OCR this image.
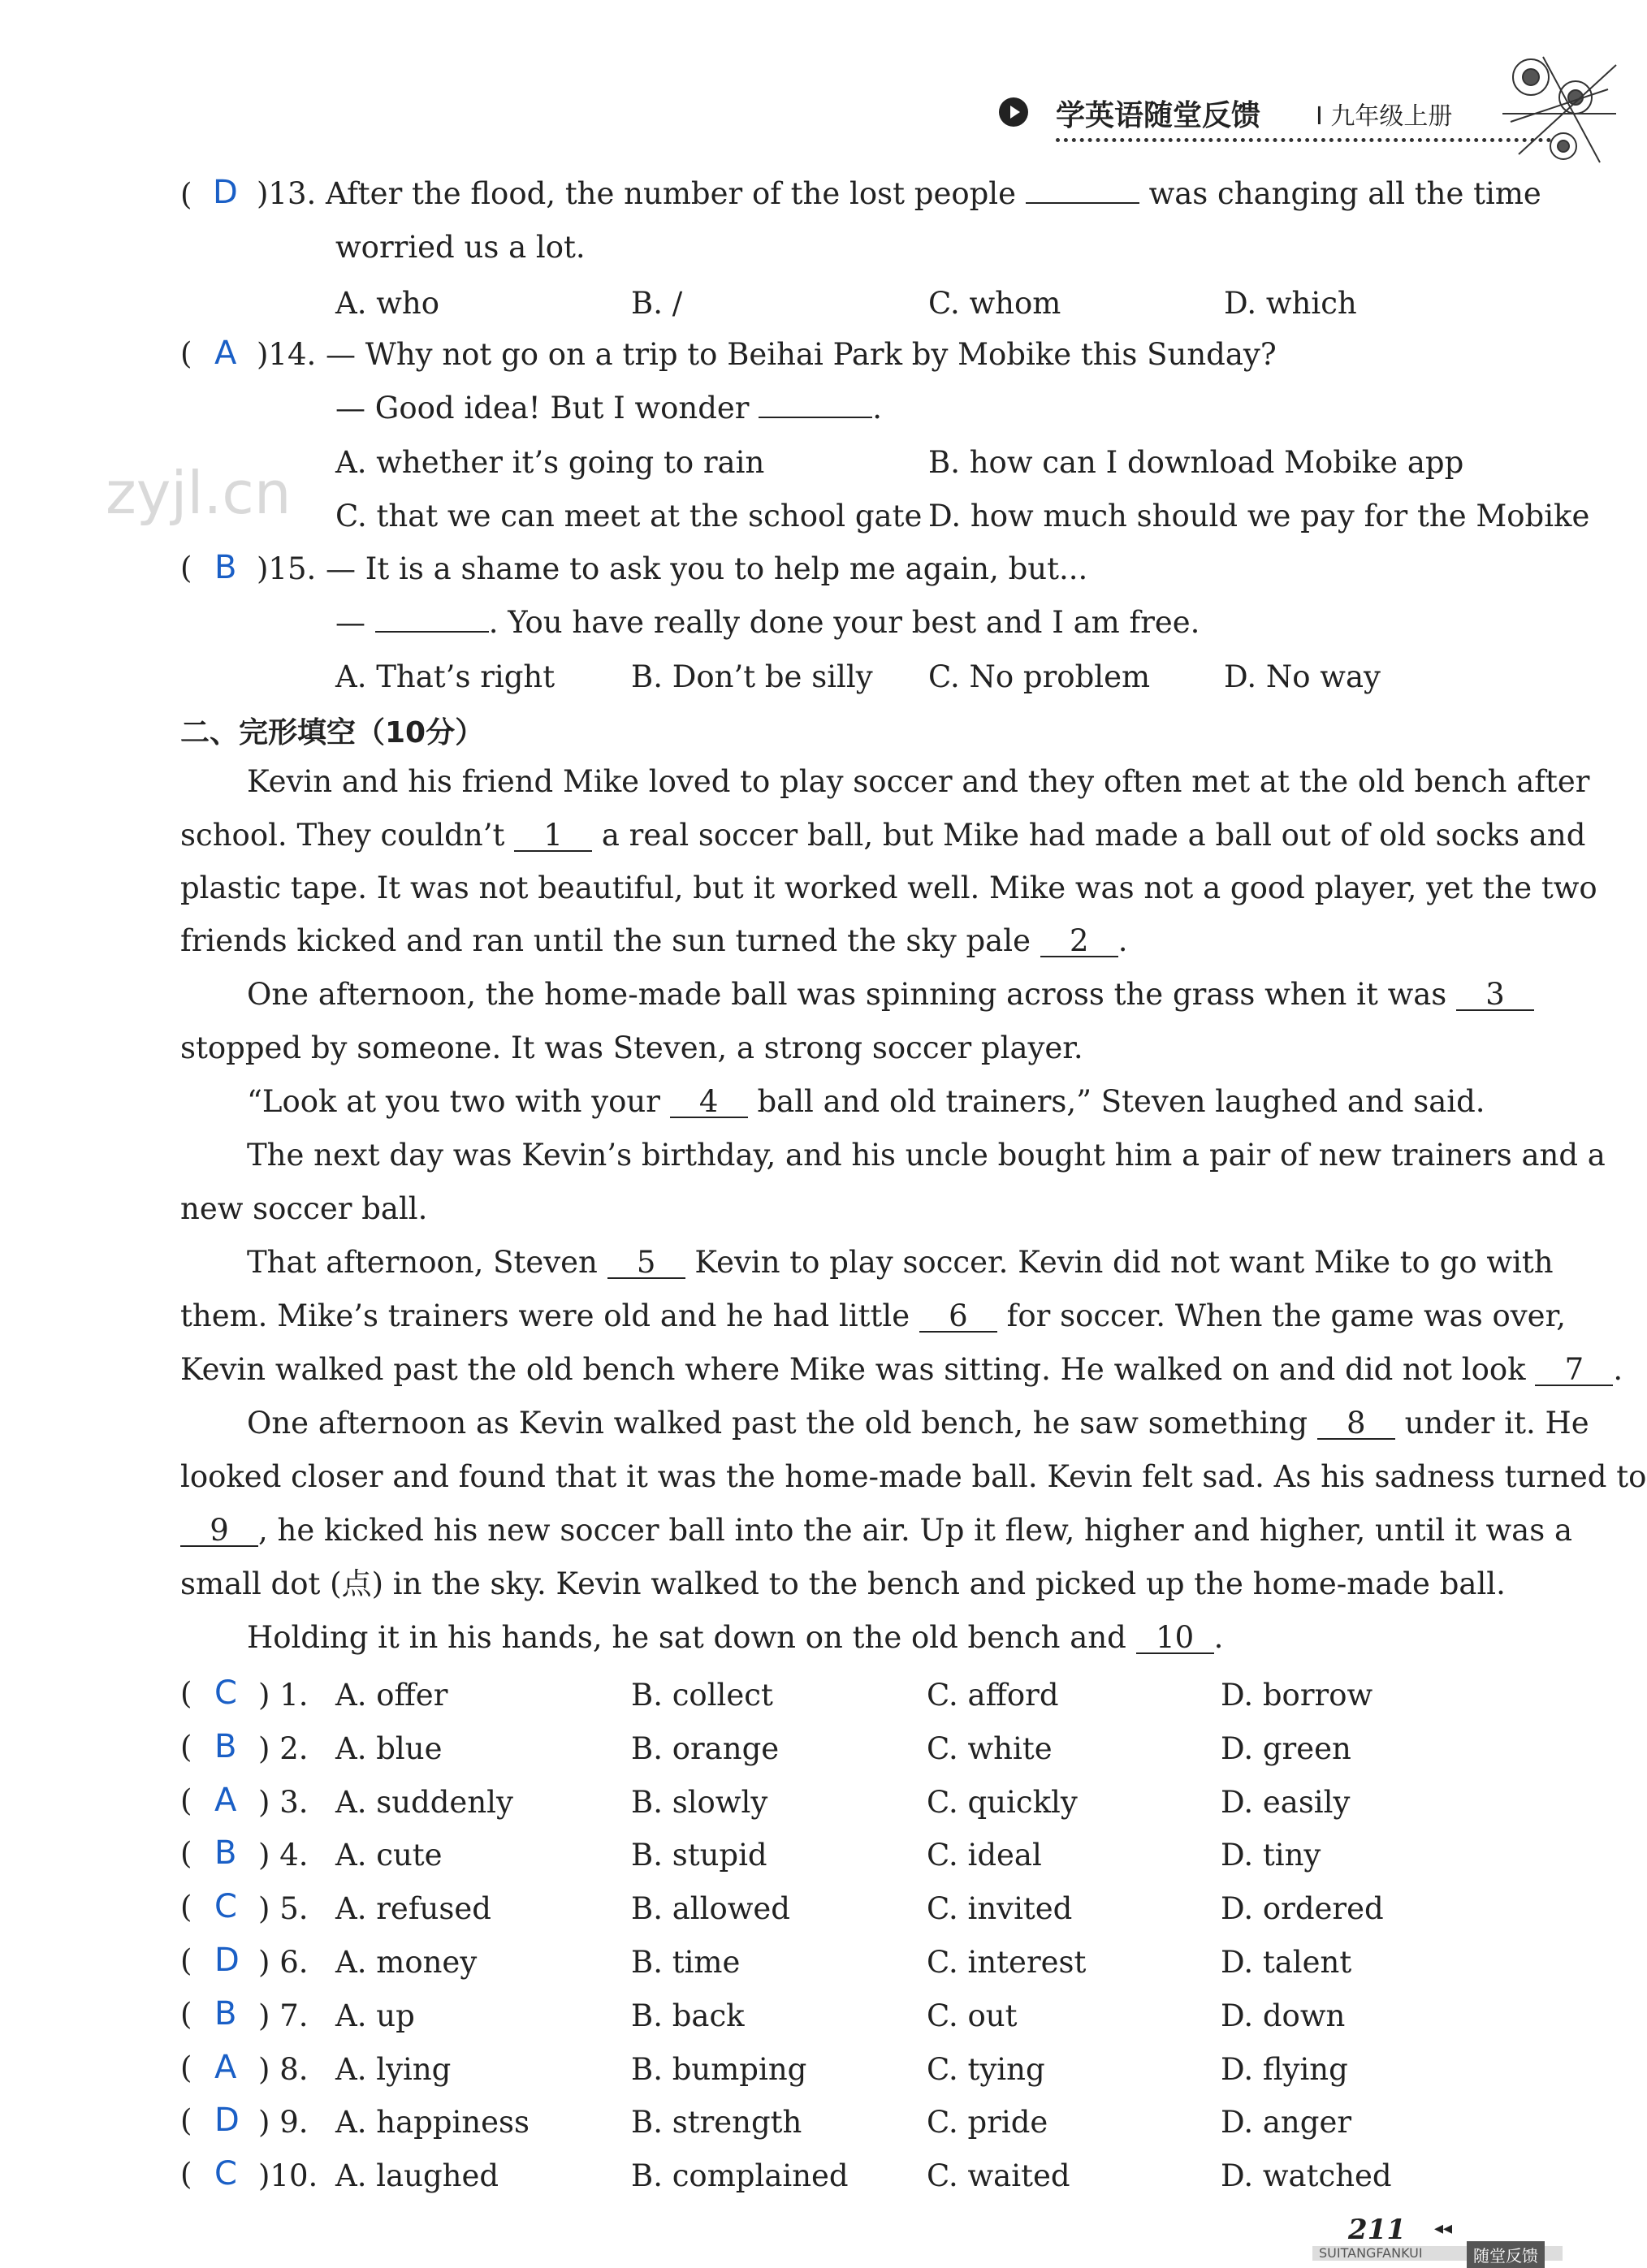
学英语随堂反馈 I 九年级上册
zyjl.cn
( D )13. After the flood, the number of the lost people	was changing all the time
worried us a lot.
A. who	B. /	C. whom	D. which
( A )14. — Why not go on a trip to Beihai Park by Mobike this Sunday?
— Good idea! But I wonder	.
A. whether it’s going to rain	B. how can I download Mobike app
C. that we can meet at the school gate D. how much should we pay for the Mobike
( B )15. — It is a shame to ask you to help me again, but...
—	. You have really done your best and I am free.
A. That’s right	B. Don’t be silly C. No problem D. No way
二、完形填空（10分）
Kevin and his friend Mike loved to play soccer and they often met at the old bench after
school. They couldn’t 1 a real soccer ball, but Mike had made a ball out of old socks and
plastic tape. It was not beautiful, but it worked well. Mike was not a good player, yet the two
friends kicked and ran until the sun turned the sky pale 2 .
One afternoon, the home-made ball was spinning across the grass when it was 3
stopped by someone. It was Steven, a strong soccer player.
“Look at you two with your 4 ball and old trainers,” Steven laughed and said.
The next day was Kevin’s birthday, and his uncle bought him a pair of new trainers and a
new soccer ball.
That afternoon, Steven 5 Kevin to play soccer. Kevin did not want Mike to go with
them. Mike’s trainers were old and he had little 6 for soccer. When the game was over,
Kevin walked past the old bench where Mike was sitting. He walked on and did not look 7 .
One afternoon as Kevin walked past the old bench, he saw something 8 under it. He
looked closer and found that it was the home-made ball. Kevin felt sad. As his sadness turned to
9 , he kicked his new soccer ball into the air. Up it flew, higher and higher, until it was a
small dot (点) in the sky. Kevin walked to the bench and picked up the home-made ball.
Holding it in his hands, he sat down on the old bench and 10 .
( C ) 1. A. offer	B. collect	C. afford	D. borrow
( B ) 2. A. blue	B. orange	C. white	D. green
( A ) 3. A. suddenly	B. slowly	C. quickly	D. easily
( B ) 4. A. cute	B. stupid	C. ideal	D. tiny
( C ) 5. A. refused	B. allowed	C. invited	D. ordered
( D ) 6. A. money	B. time	C. interest	D. talent
( B ) 7. A. up	B. back	C. out	D. down
( A ) 8. A. lying	B. bumping	C. tying	D. flying
( D ) 9. A. happiness	B. strength	C. pride	D. anger
( C )10. A. laughed	B. complained	C. waited	D. watched
211 ◂◂
SUITANGFANKUI	随堂反馈
